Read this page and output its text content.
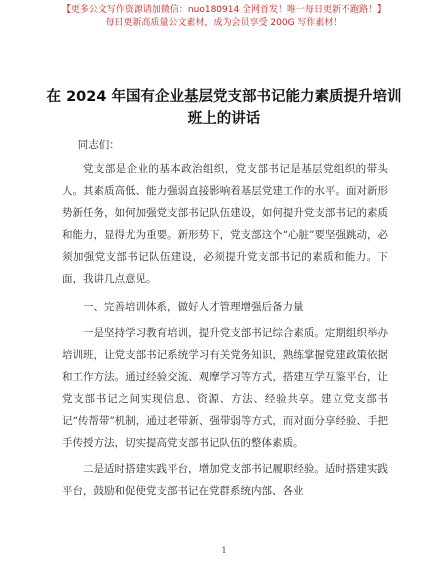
【更多公文写作资源请加微信：nuo180914 全网首发！唯一每日更新不跑路！】
每日更新高质量公文素材，成为会员享受 200G 写作素材！
在 2024 年国有企业基层党支部书记能力素质提升培训班上的讲话

同志们：

党支部是企业的基本政治组织，党支部书记是基层党组织的带头人。其素质高低、能力强弱直接影响着基层党建工作的水平。面对新形势新任务，如何加强党支部书记队伍建设，如何提升党支部书记的素质和能力，显得尤为重要。新形势下，党支部这个“心脏”要坚强跳动，必须加强党支部书记队伍建设，必须提升党支部书记的素质和能力。下面，我讲几点意见。

一、完善培训体系，做好人才管理增强后备力量

一是坚持学习教育培训，提升党支部书记综合素质。定期组织举办培训班，让党支部书记系统学习有关党务知识，熟练掌握党建政策依据和工作方法。通过经验交流、观摩学习等方式，搭建互学互鉴平台，让党支部书记之间实现信息、资源、方法、经验共享。建立党支部书记“传帮带”机制，通过老带新、强带弱等方式，而对面分享经验、手把手传授方法，切实提高党支部书记队伍的整体素质。

二是适时搭建实践平台，增加党支部书记履职经验。适时搭建实践平台，鼓励和促使党支部书记在党群系统内部、各业

1
